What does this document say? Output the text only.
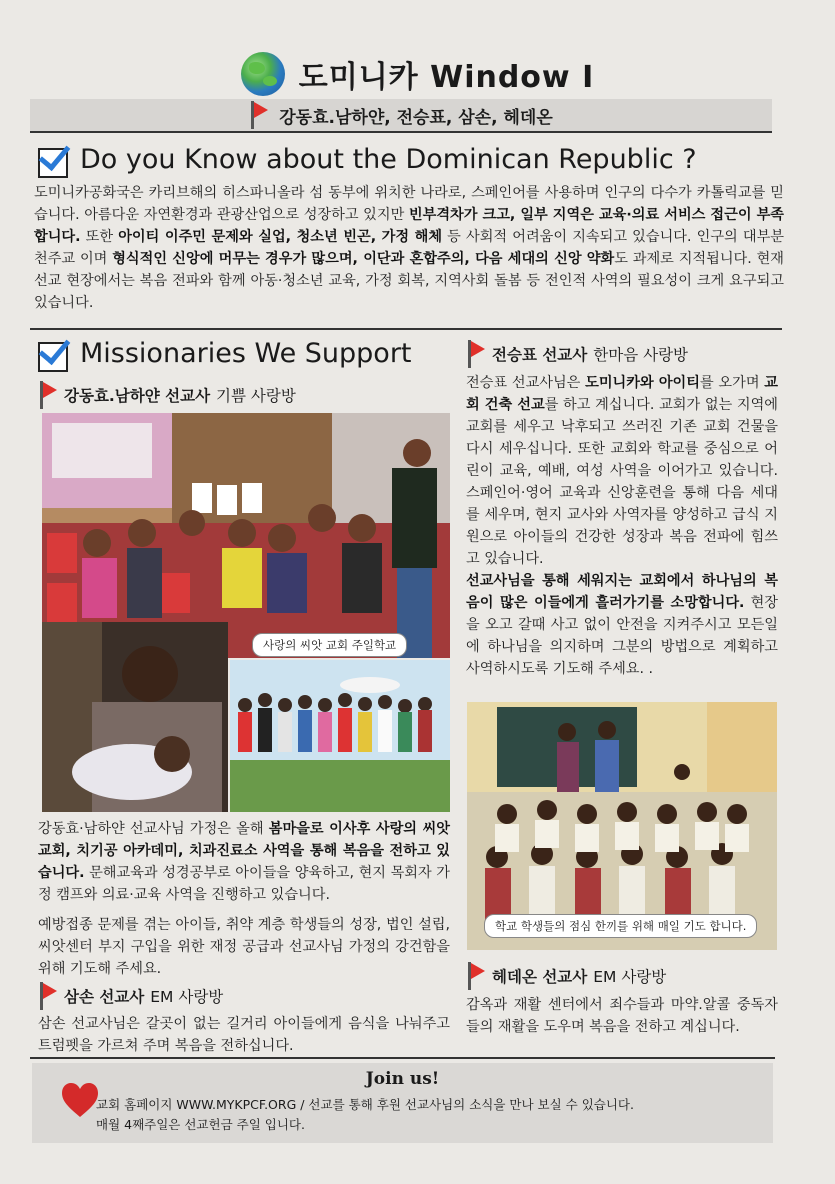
도미니카 Window Ⅰ
강동효.남하얀, 전승표, 삼손, 헤데온
Do you Know about the Dominican Republic ?
도미니카공화국은 카리브해의 히스파니올라 섬 동부에 위치한 나라로, 스페인어를 사용하며 인구의 다수가 카톨릭교를 믿습니다. 아름다운 자연환경과 관광산업으로 성장하고 있지만 빈부격차가 크고, 일부 지역은 교육·의료 서비스 접근이 부족합니다. 또한 아이티 이주민 문제와 실업, 청소년 빈곤, 가정 해체 등 사회적 어려움이 지속되고 있습니다. 인구의 대부분 천주교 이며 형식적인 신앙에 머무는 경우가 많으며, 이단과 혼합주의, 다음 세대의 신앙 약화도 과제로 지적됩니다. 현재 선교 현장에서는 복음 전파와 함께 아동·청소년 교육, 가정 회복, 지역사회 돌봄 등 전인적 사역의 필요성이 크게 요구되고 있습니다.
Missionaries We Support
강동효.남하얀 선교사 기쁨 사랑방
사랑의 씨앗 교회 주일학교
강동효·남하얀 선교사님 가정은 올해 봄마을로 이사후 사랑의 씨앗교회, 치기공 아카데미, 치과진료소 사역을 통해 복음을 전하고 있습니다. 문해교육과 성경공부로 아이들을 양육하고, 현지 목회자 가정 캠프와 의료·교육 사역을 진행하고 있습니다.
예방접종 문제를 겪는 아이들, 취약 계층 학생들의 성장, 법인 설립, 씨앗센터 부지 구입을 위한 재정 공급과 선교사님 가정의 강건함을 위해 기도해 주세요.
삼손 선교사 EM 사랑방
삼손 선교사님은 갈곳이 없는 길거리 아이들에게 음식을 나눠주고 트럼펫을 가르쳐 주며 복음을 전하십니다.
전승표 선교사 한마음 사랑방
전승표 선교사님은 도미니카와 아이티를 오가며 교회 건축 선교를 하고 계십니다. 교회가 없는 지역에 교회를 세우고 낙후되고 쓰러진 기존 교회 건물을 다시 세우십니다. 또한 교회와 학교를 중심으로 어린이 교육, 예배, 여성 사역을 이어가고 있습니다. 스페인어·영어 교육과 신앙훈련을 통해 다음 세대를 세우며, 현지 교사와 사역자를 양성하고 급식 지원으로 아이들의 건강한 성장과 복음 전파에 힘쓰고 있습니다.
선교사님을 통해 세워지는 교회에서 하나님의 복음이 많은 이들에게 흘러가기를 소망합니다. 현장을 오고 갈때 사고 없이 안전을 지켜주시고 모든일에 하나님을 의지하며 그분의 방법으로 계획하고 사역하시도록 기도해 주세요. .
학교 학생들의 점심 한끼를 위해 매일 기도 합니다.
헤데온 선교사 EM 사랑방
감옥과 재활 센터에서 죄수들과 마약.알콜 중독자들의 재활을 도우며 복음을 전하고 계십니다.
Join us!
교회 홈페이지 WWW.MYKPCF.ORG / 선교를 통해 후원 선교사님의 소식을 만나 보실 수 있습니다.
매월 4째주일은 선교헌금 주일 입니다.
